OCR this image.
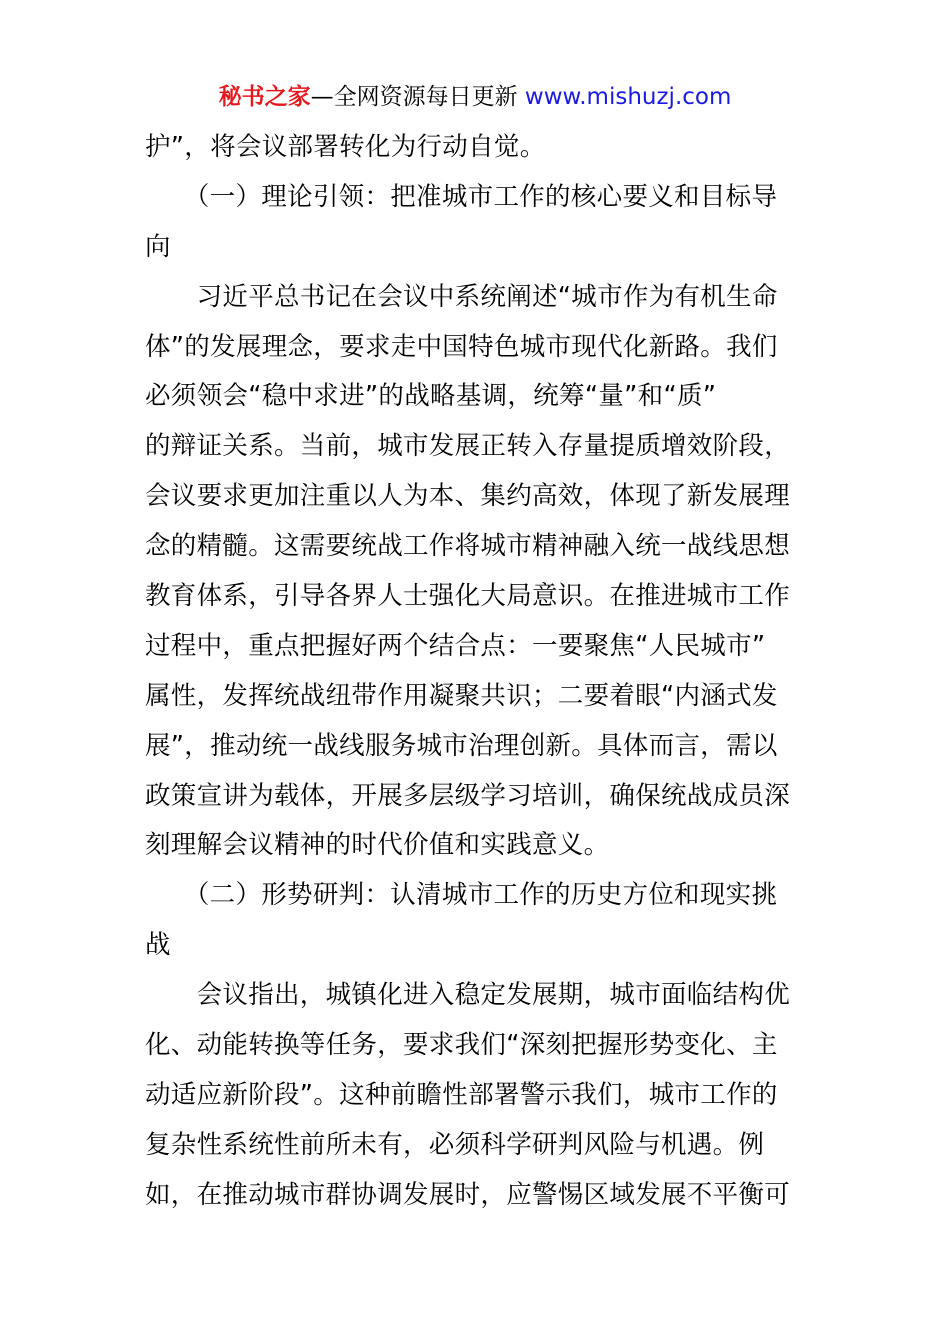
秘书之家—全网资源每日更新 www.mishuzj.com
护”，将会议部署转化为行动自觉。
　　（一）理论引领：把准城市工作的核心要义和目标导
向
　　习近平总书记在会议中系统阐述“城市作为有机生命
体”的发展理念，要求走中国特色城市现代化新路。我们
必须领会“稳中求进”的战略基调，统筹“量”和“质”
的辩证关系。当前，城市发展正转入存量提质增效阶段，
会议要求更加注重以人为本、集约高效，体现了新发展理
念的精髓。这需要统战工作将城市精神融入统一战线思想
教育体系，引导各界人士强化大局意识。在推进城市工作
过程中，重点把握好两个结合点：一要聚焦“人民城市”
属性，发挥统战纽带作用凝聚共识；二要着眼“内涵式发
展”，推动统一战线服务城市治理创新。具体而言，需以
政策宣讲为载体，开展多层级学习培训，确保统战成员深
刻理解会议精神的时代价值和实践意义。
　　（二）形势研判：认清城市工作的历史方位和现实挑
战
　　会议指出，城镇化进入稳定发展期，城市面临结构优
化、动能转换等任务，要求我们“深刻把握形势变化、主
动适应新阶段”。这种前瞻性部署警示我们，城市工作的
复杂性系统性前所未有，必须科学研判风险与机遇。例
如，在推动城市群协调发展时，应警惕区域发展不平衡可
